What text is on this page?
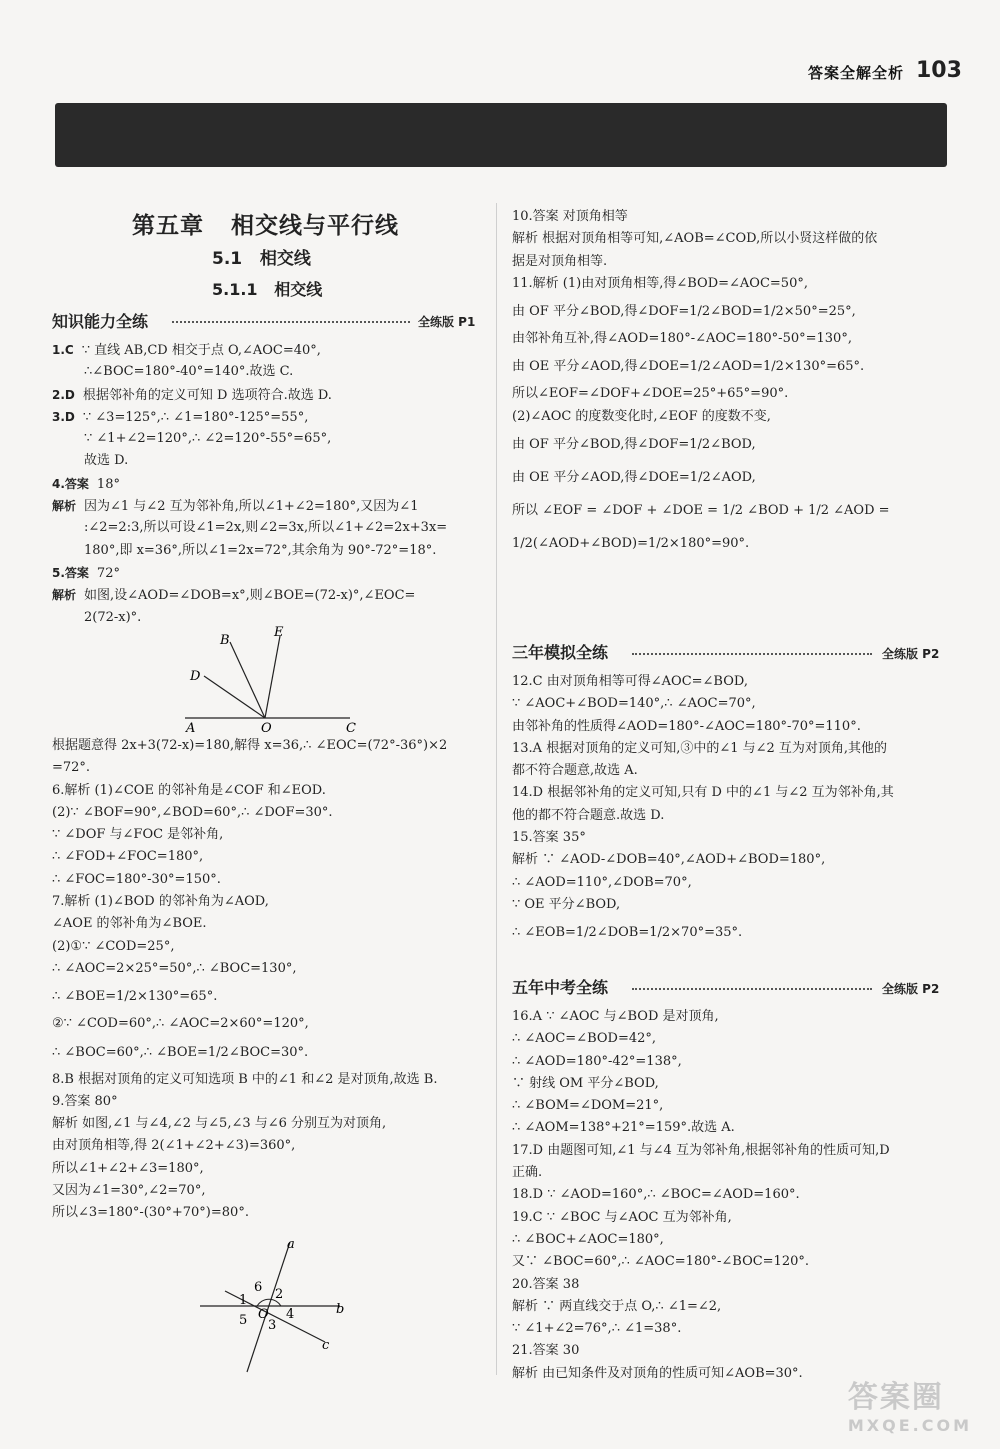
答案全解全析 103
第五章   相交线与平行线
5.1   相交线
5.1.1   相交线
知识能力全练	全练版 P1
1.C ∵ 直线 AB,CD 相交于点 O,∠AOC=40°,
∴∠BOC=180°-40°=140°.故选 C.
2.D 根据邻补角的定义可知 D 选项符合.故选 D.
3.D ∵ ∠3=125°,∴ ∠1=180°-125°=55°,
∵ ∠1+∠2=120°,∴ ∠2=120°-55°=65°,
故选 D.
4.答案 18°
解析 因为∠1 与∠2 互为邻补角,所以∠1+∠2=180°,又因为∠1
:∠2=2:3,所以可设∠1=2x,则∠2=3x,所以∠1+∠2=2x+3x=
180°,即 x=36°,所以∠1=2x=72°,其余角为 90°-72°=18°.
5.答案 72°
解析 如图,设∠AOD=∠DOB=x°,则∠BOE=(72-x)°,∠EOC=
2(72-x)°.
B
E
D
A	O	C
根据题意得 2x+3(72-x)=180,解得 x=36,∴ ∠EOC=(72°-36°)×2
=72°.
6.解析 (1)∠COE 的邻补角是∠COF 和∠EOD.
(2)∵ ∠BOF=90°,∠BOD=60°,∴ ∠DOF=30°.
∵ ∠DOF 与∠FOC 是邻补角,
∴ ∠FOD+∠FOC=180°,
∴ ∠FOC=180°-30°=150°.
7.解析 (1)∠BOD 的邻补角为∠AOD,
∠AOE 的邻补角为∠BOE.
(2)①∵ ∠COD=25°,
∴ ∠AOC=2×25°=50°,∴ ∠BOC=130°,
∴ ∠BOE=1/2×130°=65°.
②∵ ∠COD=60°,∴ ∠AOC=2×60°=120°,
∴ ∠BOC=60°,∴ ∠BOE=1/2∠BOC=30°.
8.B 根据对顶角的定义可知选项 B 中的∠1 和∠2 是对顶角,故选 B.
9.答案 80°
解析 如图,∠1 与∠4,∠2 与∠5,∠3 与∠6 分别互为对顶角,
由对顶角相等,得 2(∠1+∠2+∠3)=360°,
所以∠1+∠2+∠3=180°,
又因为∠1=30°,∠2=70°,
所以∠3=180°-(30°+70°)=80°.
a
b
c
1 2
3
4
5
6
O
10.答案 对顶角相等
解析 根据对顶角相等可知,∠AOB=∠COD,所以小贤这样做的依
据是对顶角相等.
11.解析 (1)由对顶角相等,得∠BOD=∠AOC=50°,
由 OF 平分∠BOD,得∠DOF=1/2∠BOD=1/2×50°=25°,
由邻补角互补,得∠AOD=180°-∠AOC=180°-50°=130°,
由 OE 平分∠AOD,得∠DOE=1/2∠AOD=1/2×130°=65°.
所以∠EOF=∠DOF+∠DOE=25°+65°=90°.
(2)∠AOC 的度数变化时,∠EOF 的度数不变,
由 OF 平分∠BOD,得∠DOF=1/2∠BOD,
由 OE 平分∠AOD,得∠DOE=1/2∠AOD,
所以 ∠EOF = ∠DOF + ∠DOE = 1/2 ∠BOD + 1/2 ∠AOD =
1/2(∠AOD+∠BOD)=1/2×180°=90°.
三年模拟全练	全练版 P2
12.C 由对顶角相等可得∠AOC=∠BOD,
∵ ∠AOC+∠BOD=140°,∴ ∠AOC=70°,
由邻补角的性质得∠AOD=180°-∠AOC=180°-70°=110°.
13.A 根据对顶角的定义可知,③中的∠1 与∠2 互为对顶角,其他的
都不符合题意,故选 A.
14.D 根据邻补角的定义可知,只有 D 中的∠1 与∠2 互为邻补角,其
他的都不符合题意.故选 D.
15.答案 35°
解析 ∵ ∠AOD-∠DOB=40°,∠AOD+∠BOD=180°,
∴ ∠AOD=110°,∠DOB=70°,
∵ OE 平分∠BOD,
∴ ∠EOB=1/2∠DOB=1/2×70°=35°.
五年中考全练	全练版 P2
16.A ∵ ∠AOC 与∠BOD 是对顶角,
∴ ∠AOC=∠BOD=42°,
∴ ∠AOD=180°-42°=138°,
∵ 射线 OM 平分∠BOD,
∴ ∠BOM=∠DOM=21°,
∴ ∠AOM=138°+21°=159°.故选 A.
17.D 由题图可知,∠1 与∠4 互为邻补角,根据邻补角的性质可知,D
正确.
18.D ∵ ∠AOD=160°,∴ ∠BOC=∠AOD=160°.
19.C ∵ ∠BOC 与∠AOC 互为邻补角,
∴ ∠BOC+∠AOC=180°,
又∵ ∠BOC=60°,∴ ∠AOC=180°-∠BOC=120°.
20.答案 38
解析 ∵ 两直线交于点 O,∴ ∠1=∠2,
∵ ∠1+∠2=76°,∴ ∠1=38°.
21.答案 30
解析 由已知条件及对顶角的性质可知∠AOB=30°.
答案圈
MXQE.COM
